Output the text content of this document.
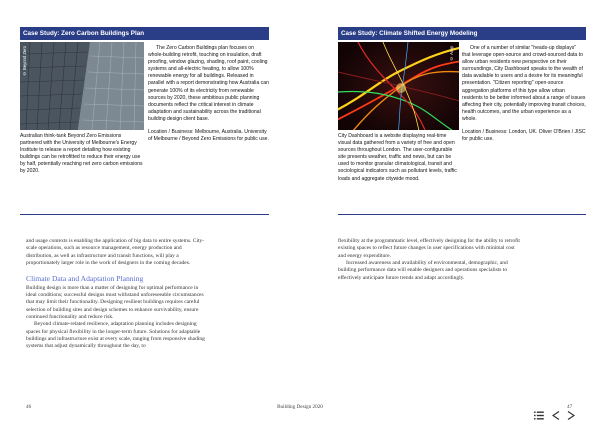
Case Study: Zero Carbon Buildings Plan
© Beyond Zero

Australian think-tank Beyond Zero Emissions partnered with the University of Melbourne's Energy Institute to release a report detailing how existing buildings can be retrofitted to reduce their energy use by half, potentially reaching net zero carbon emissions by 2020.

The Zero Carbon Buildings plan focuses on whole-building retrofit, touching on insulation, draft proofing, window glazing, shading, roof paint, cooling systems and all-electric heating, to allow 100% renewable energy for all buildings. Released in parallel with a report demonstrating how Australia can generate 100% of its electricity from renewable sources by 2020, these ambitious public planning documents reflect the critical interest in climate adaptation and sustainability across the traditional building design client base.

Location / Business: Melbourne, Australia. University of Melbourne / Beyond Zero Emissions for public use.

Case Study: Climate Shifted Energy Modeling
© Arup

City Dashboard is a website displaying real-time visual data gathered from a variety of free and open sources throughout London. The user-configurable site presents weather, traffic and news, but can be used to monitor granular climatological, transit and sociological indicators such as pollutant levels, traffic loads and aggregate citywide mood.

One of a number of similar "heads-up displays" that leverage open-source and crowd-sourced data to allow urban residents new perspective on their surroundings, City Dashboard speaks to the wealth of data available to users and a desire for its meaningful presentation. "Citizen reporting" open-source aggregation platforms of this type allow urban residents to be better informed about a range of issues affecting their city, potentially improving transit choices, health outcomes, and the urban experience as a whole.

Location / Business: London, UK. Oliver O'Brien / JISC for public use.

and usage contexts is enabling the application of big data to entire systems. City-scale operations, such as resource management, energy production and distribution, as well as infrastructure and transit functions, will play a proportionately larger role in the work of designers in the coming decades.

Climate Data and Adaptation Planning

Building design is more than a matter of designing for optimal performance in ideal conditions; successful designs must withstand unforeseeable circumstances that may limit their functionality. Designing resilient buildings requires careful selection of building sites and design schemes to enhance survivability, ensure continued functionality and reduce risk.

Beyond climate-related resilience, adaptation planning includes designing spaces for physical flexibility in the longer-term future. Solutions for adaptable buildings and infrastructure exist at every scale, ranging from responsive shading systems that adjust dynamically throughout the day, to

flexibility at the programmatic level, effectively designing for the ability to retrofit existing spaces to reflect future changes in user specifications with minimal cost and energy expenditure.

Increased awareness and availability of environmental, demographic, and building performance data will enable designers and operations specialists to effectively anticipate future trends and adapt accordingly.

46	Building Design 2020	47
